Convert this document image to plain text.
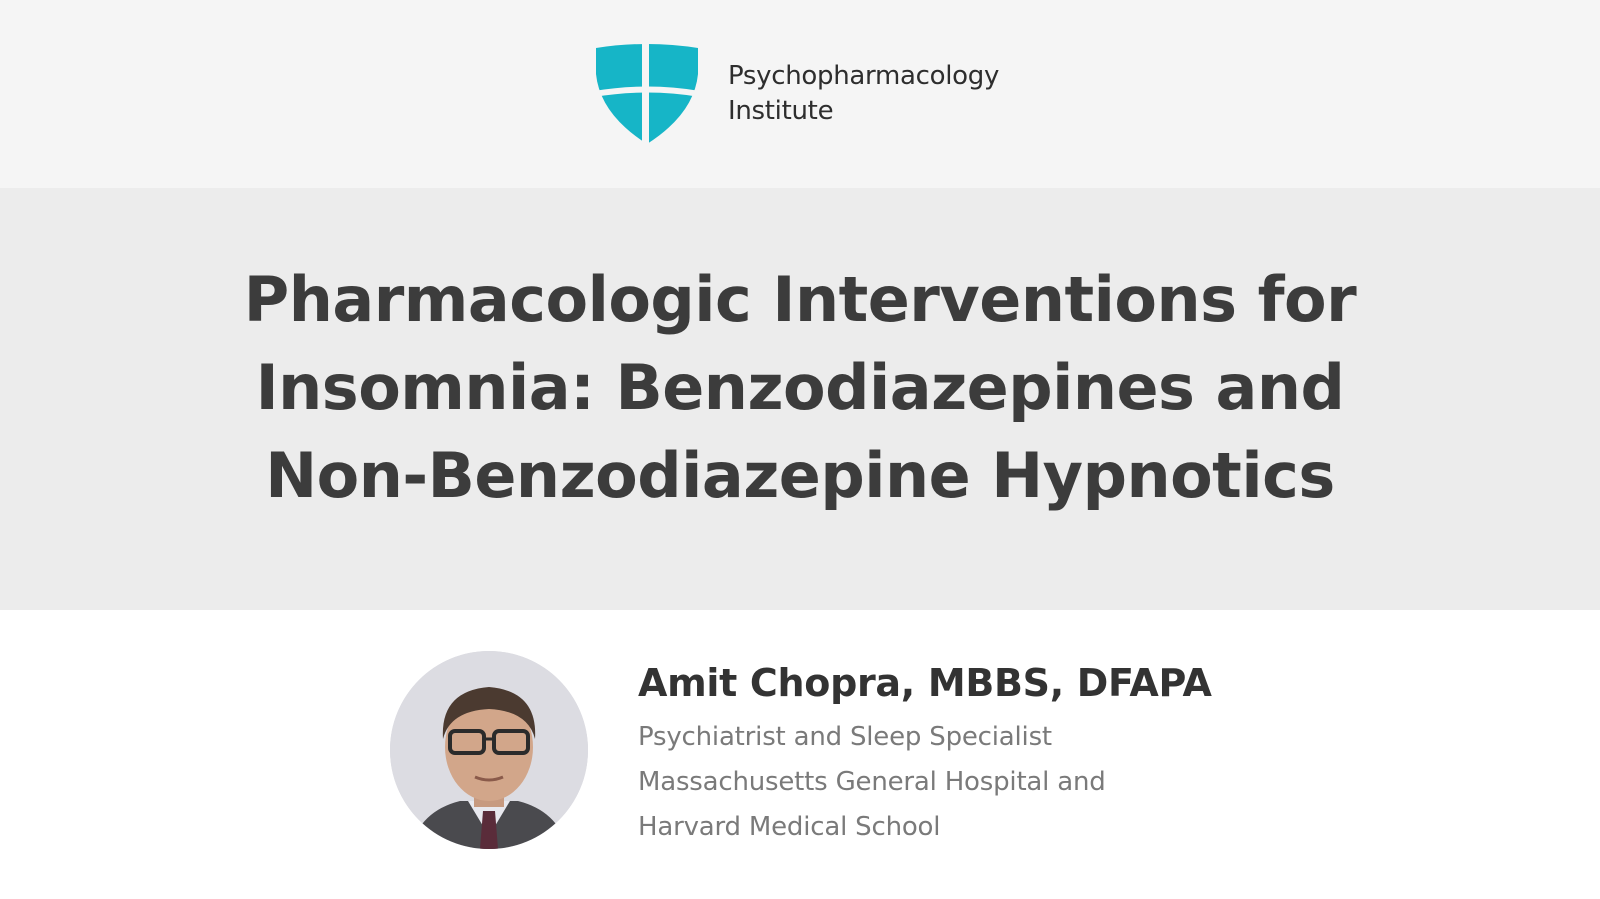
Psychopharmacology
Institute
Pharmacologic Interventions for
Insomnia: Benzodiazepines and
Non-Benzodiazepine Hypnotics
Amit Chopra, MBBS, DFAPA
Psychiatrist and Sleep Specialist
Massachusetts General Hospital and
Harvard Medical School
